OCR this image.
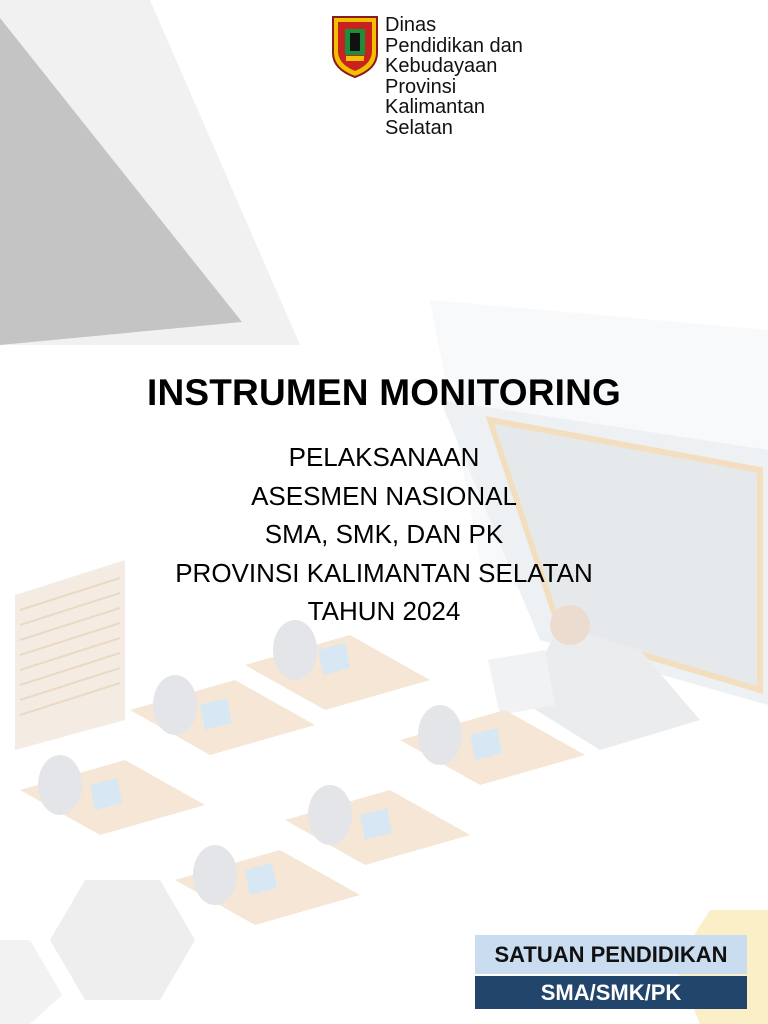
Dinas
Pendidikan dan
Kebudayaan
Provinsi
Kalimantan
Selatan
INSTRUMEN MONITORING
PELAKSANAAN
ASESMEN NASIONAL
SMA, SMK, DAN PK
PROVINSI KALIMANTAN SELATAN
TAHUN 2024
SATUAN PENDIDIKAN
SMA/SMK/PK
